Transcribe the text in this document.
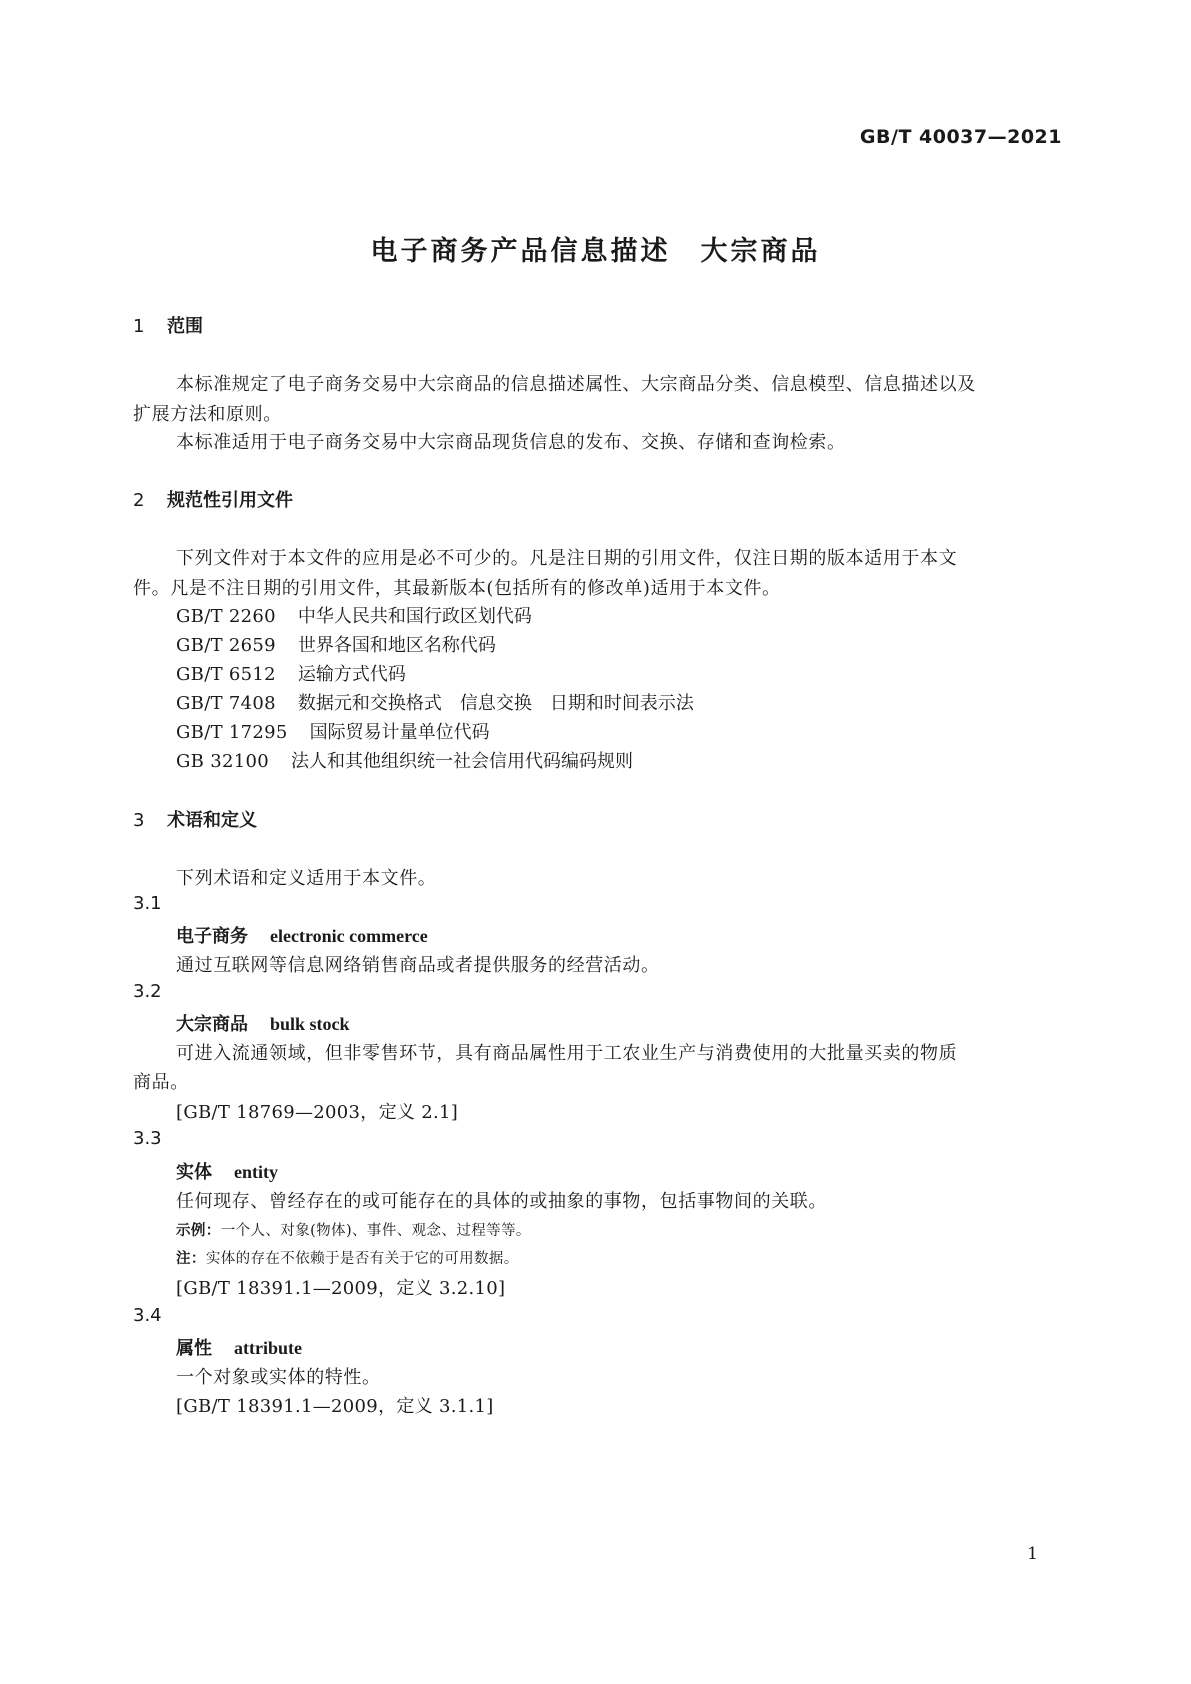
GB/T 40037—2021
电子商务产品信息描述 大宗商品
1 范围
本标准规定了电子商务交易中大宗商品的信息描述属性、大宗商品分类、信息模型、信息描述以及
扩展方法和原则。
本标准适用于电子商务交易中大宗商品现货信息的发布、交换、存储和查询检索。
2 规范性引用文件
下列文件对于本文件的应用是必不可少的。凡是注日期的引用文件，仅注日期的版本适用于本文
件。凡是不注日期的引用文件，其最新版本(包括所有的修改单)适用于本文件。
GB/T 2260 中华人民共和国行政区划代码
GB/T 2659 世界各国和地区名称代码
GB/T 6512 运输方式代码
GB/T 7408 数据元和交换格式　信息交换　日期和时间表示法
GB/T 17295 国际贸易计量单位代码
GB 32100 法人和其他组织统一社会信用代码编码规则
3 术语和定义
下列术语和定义适用于本文件。
3.1
电子商务 electronic commerce
通过互联网等信息网络销售商品或者提供服务的经营活动。
3.2
大宗商品 bulk stock
可进入流通领域，但非零售环节，具有商品属性用于工农业生产与消费使用的大批量买卖的物质
商品。
[GB/T 18769—2003，定义 2.1]
3.3
实体 entity
任何现存、曾经存在的或可能存在的具体的或抽象的事物，包括事物间的关联。
示例：一个人、对象(物体)、事件、观念、过程等等。
注：实体的存在不依赖于是否有关于它的可用数据。
[GB/T 18391.1—2009，定义 3.2.10]
3.4
属性 attribute
一个对象或实体的特性。
[GB/T 18391.1—2009，定义 3.1.1]
1
